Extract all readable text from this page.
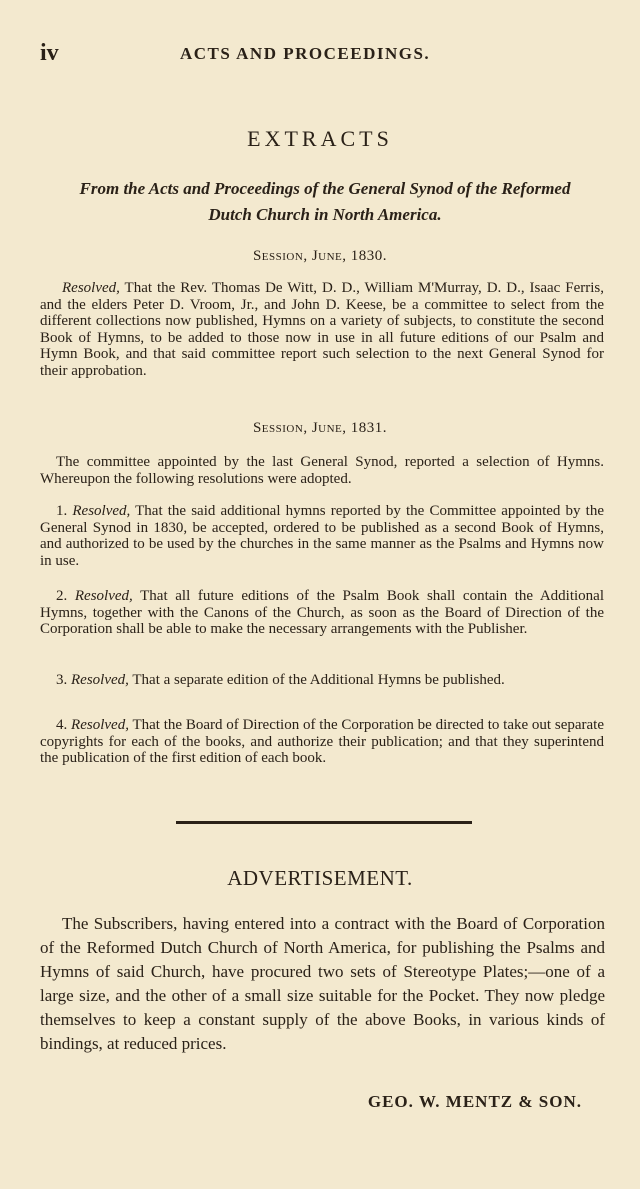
iv	ACTS AND PROCEEDINGS.
EXTRACTS
From the Acts and Proceedings of the General Synod of the Reformed Dutch Church in North America.
Session, June, 1830.
Resolved, That the Rev. Thomas De Witt, D. D., William M'Murray, D. D., Isaac Ferris, and the elders Peter D. Vroom, Jr., and John D. Keese, be a committee to select from the different collections now published, Hymns on a variety of subjects, to constitute the second Book of Hymns, to be added to those now in use in all future editions of our Psalm and Hymn Book, and that said committee report such selection to the next General Synod for their approbation.
Session, June, 1831.
The committee appointed by the last General Synod, reported a selection of Hymns. Whereupon the following resolutions were adopted.
1. Resolved, That the said additional hymns reported by the Committee appointed by the General Synod in 1830, be accepted, ordered to be published as a second Book of Hymns, and authorized to be used by the churches in the same manner as the Psalms and Hymns now in use.
2. Resolved, That all future editions of the Psalm Book shall contain the Additional Hymns, together with the Canons of the Church, as soon as the Board of Direction of the Corporation shall be able to make the necessary arrangements with the Publisher.
3. Resolved, That a separate edition of the Additional Hymns be published.
4. Resolved, That the Board of Direction of the Corporation be directed to take out separate copyrights for each of the books, and authorize their publication; and that they superintend the publication of the first edition of each book.
ADVERTISEMENT.
The Subscribers, having entered into a contract with the Board of Corporation of the Reformed Dutch Church of North America, for publishing the Psalms and Hymns of said Church, have procured two sets of Stereotype Plates;—one of a large size, and the other of a small size suitable for the Pocket. They now pledge themselves to keep a constant supply of the above Books, in various kinds of bindings, at reduced prices.
GEO. W. MENTZ & SON.
